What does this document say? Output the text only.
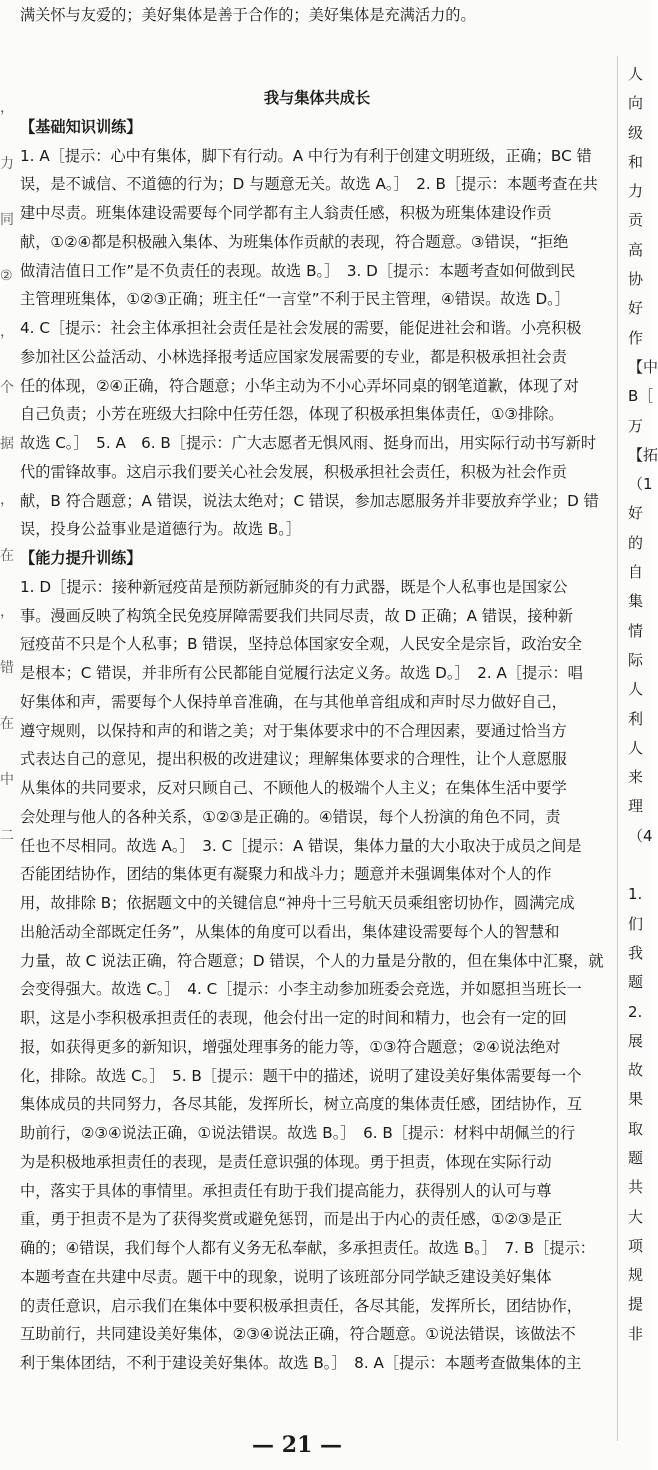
，
力
同
②
，
个
据
，
在
，
错
在
中
二
满关怀与友爱的；美好集体是善于合作的；美好集体是充满活力的。
我与集体共成长
【基础知识训练】
1. A［提示：心中有集体，脚下有行动。A 中行为有利于创建文明班级，正确；BC 错
误，是不诚信、不道德的行为；D 与题意无关。故选 A。］　2. B［提示：本题考查在共
建中尽责。班集体建设需要每个同学都有主人翁责任感，积极为班集体建设作贡
献，①②④都是积极融入集体、为班集体作贡献的表现，符合题意。③错误，“拒绝
做清洁值日工作”是不负责任的表现。故选 B。］　3. D［提示：本题考查如何做到民
主管理班集体，①②③正确；班主任“一言堂”不利于民主管理，④错误。故选 D。］
4. C［提示：社会主体承担社会责任是社会发展的需要，能促进社会和谐。小亮积极
参加社区公益活动、小林选择报考适应国家发展需要的专业，都是积极承担社会责
任的体现，②④正确，符合题意；小华主动为不小心弄坏同桌的钢笔道歉，体现了对
自己负责；小芳在班级大扫除中任劳任怨，体现了积极承担集体责任，①③排除。
故选 C。］　5. A　6. B［提示：广大志愿者无惧风雨、挺身而出，用实际行动书写新时
代的雷锋故事。这启示我们要关心社会发展，积极承担社会责任，积极为社会作贡
献，B 符合题意；A 错误，说法太绝对；C 错误，参加志愿服务并非要放弃学业；D 错
误，投身公益事业是道德行为。故选 B。］
【能力提升训练】
1. D［提示：接种新冠疫苗是预防新冠肺炎的有力武器，既是个人私事也是国家公
事。漫画反映了构筑全民免疫屏障需要我们共同尽责，故 D 正确；A 错误，接种新
冠疫苗不只是个人私事；B 错误，坚持总体国家安全观，人民安全是宗旨，政治安全
是根本；C 错误，并非所有公民都能自觉履行法定义务。故选 D。］　2. A［提示：唱
好集体和声，需要每个人保持单音准确，在与其他单音组成和声时尽力做好自己，
遵守规则，以保持和声的和谐之美；对于集体要求中的不合理因素，要通过恰当方
式表达自己的意见，提出积极的改进建议；理解集体要求的合理性，让个人意愿服
从集体的共同要求，反对只顾自己、不顾他人的极端个人主义；在集体生活中要学
会处理与他人的各种关系，①②③是正确的。④错误，每个人扮演的角色不同，责
任也不尽相同。故选 A。］　3. C［提示：A 错误，集体力量的大小取决于成员之间是
否能团结协作，团结的集体更有凝聚力和战斗力；题意并未强调集体对个人的作
用，故排除 B；依据题文中的关键信息“神舟十三号航天员乘组密切协作，圆满完成
出舱活动全部既定任务”，从集体的角度可以看出，集体建设需要每个人的智慧和
力量，故 C 说法正确，符合题意；D 错误，个人的力量是分散的，但在集体中汇聚，就
会变得强大。故选 C。］　4. C［提示：小李主动参加班委会竞选，并如愿担当班长一
职，这是小李积极承担责任的表现，他会付出一定的时间和精力，也会有一定的回
报，如获得更多的新知识，增强处理事务的能力等，①③符合题意；②④说法绝对
化，排除。故选 C。］　5. B［提示：题干中的描述，说明了建设美好集体需要每一个
集体成员的共同努力，各尽其能，发挥所长，树立高度的集体责任感，团结协作，互
助前行，②③④说法正确，①说法错误。故选 B。］　6. B［提示：材料中胡佩兰的行
为是积极地承担责任的表现，是责任意识强的体现。勇于担责，体现在实际行动
中，落实于具体的事情里。承担责任有助于我们提高能力，获得别人的认可与尊
重，勇于担责不是为了获得奖赏或避免惩罚，而是出于内心的责任感，①②③是正
确的；④错误，我们每个人都有义务无私奉献，多承担责任。故选 B。］　7. B［提示：
本题考查在共建中尽责。题干中的现象，说明了该班部分同学缺乏建设美好集体
的责任意识，启示我们在集体中要积极承担责任，各尽其能，发挥所长，团结协作，
互助前行，共同建设美好集体，②③④说法正确，符合题意。①说法错误，该做法不
利于集体团结，不利于建设美好集体。故选 B。］　8. A［提示：本题考查做集体的主
人
向
级
和
力
贡
高
协
好
作
【中
B［
万
【拓
（1
好
的
自
集
情
际
人
利
人
来
理
（4
1.
们
我
题
2.
展
故
果
取
题
共
大
项
规
提
非
— 21 —
